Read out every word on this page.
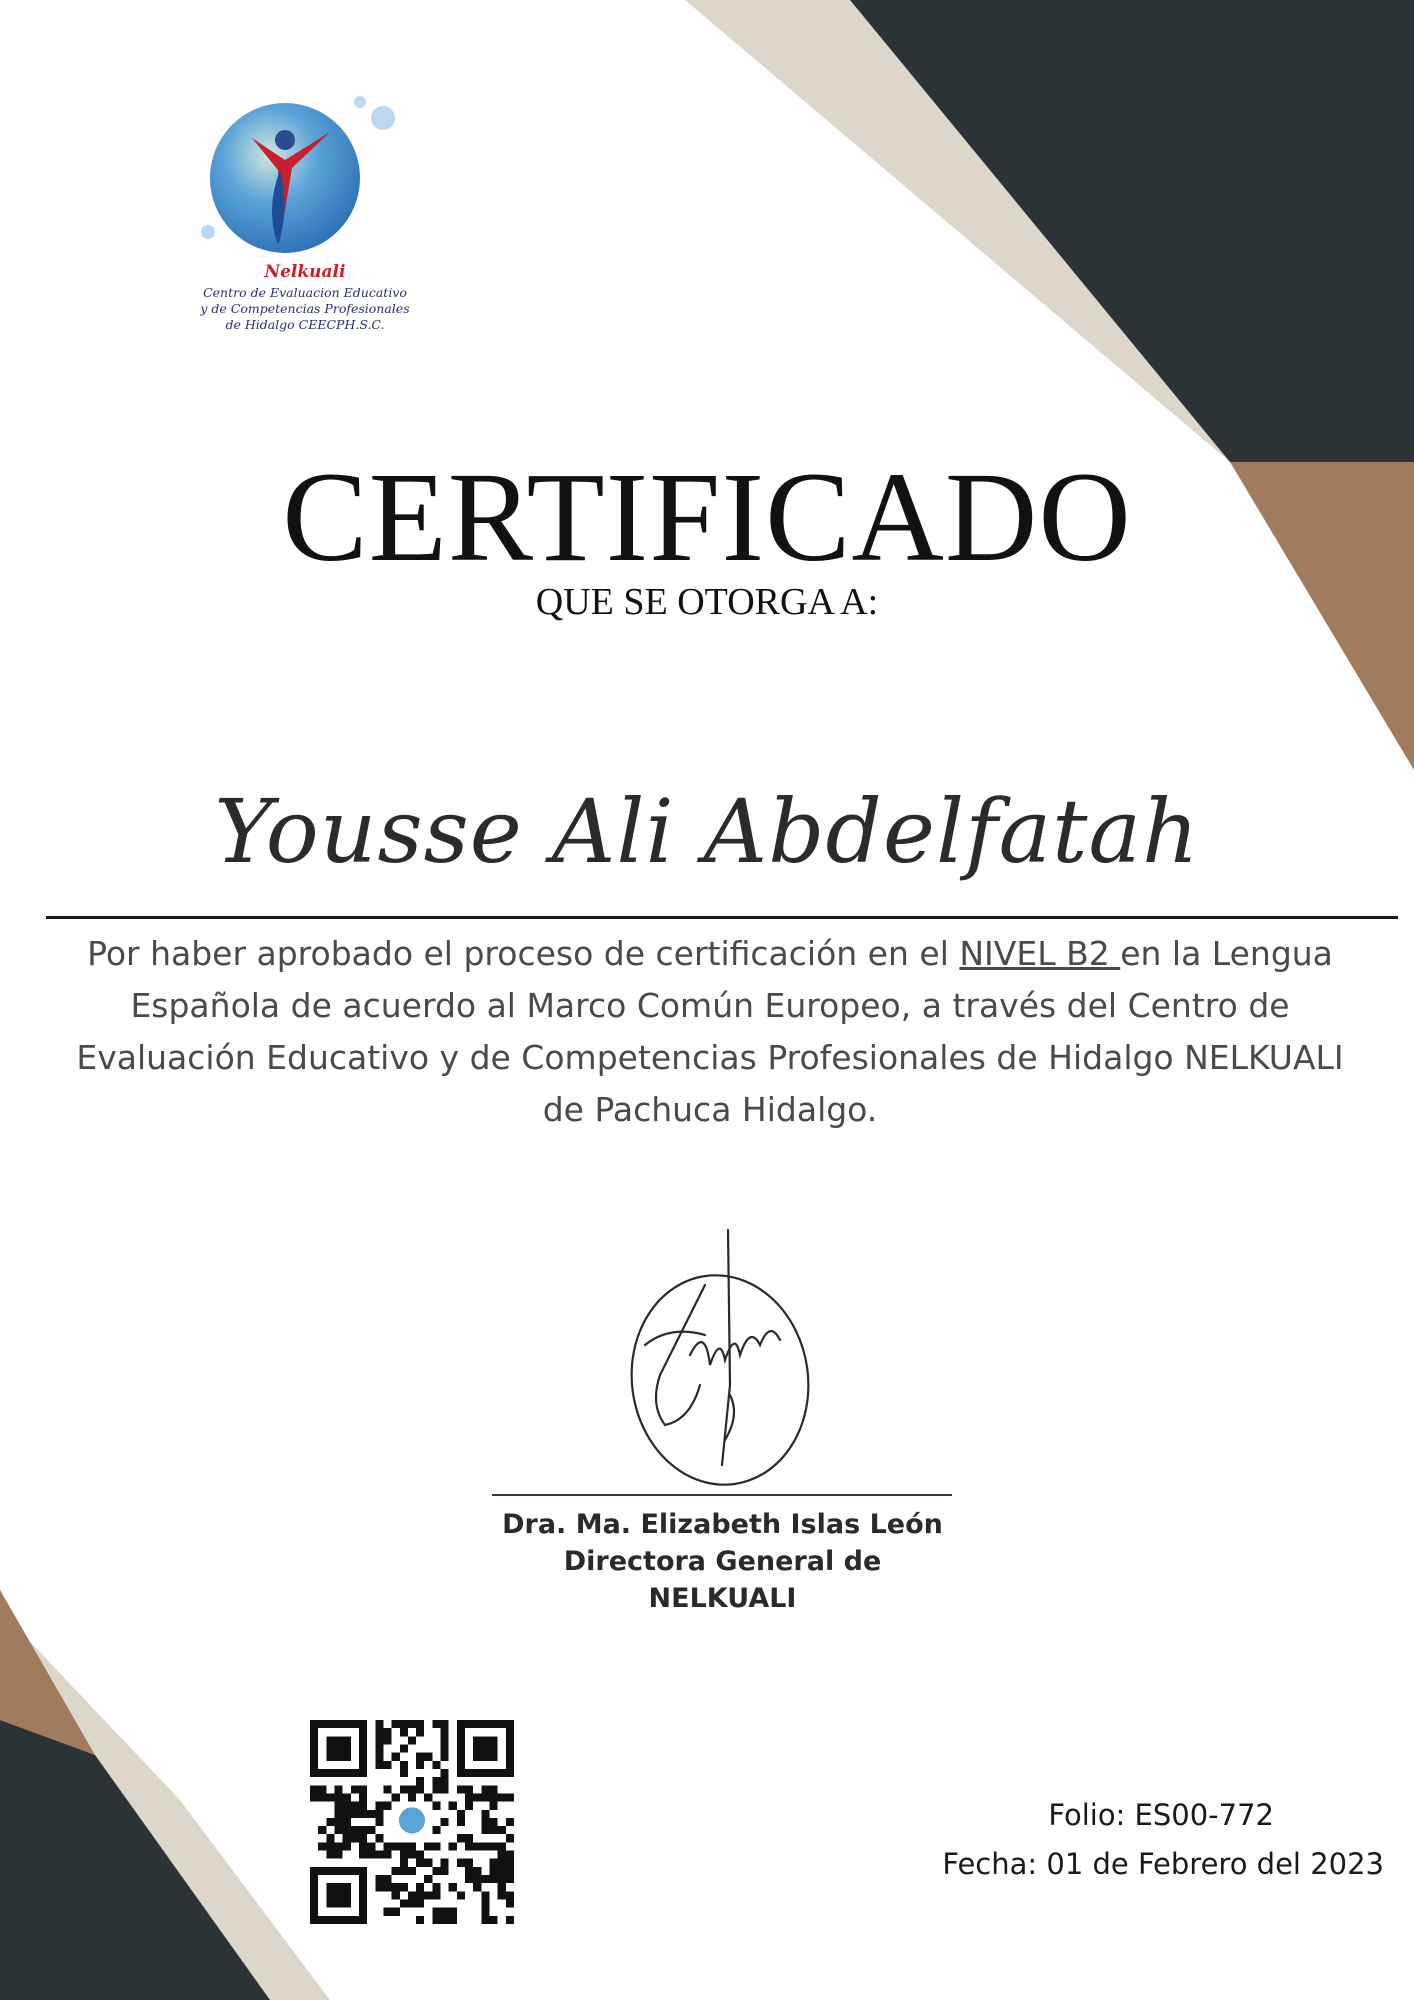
Nelkuali
Centro de Evaluacion Educativo
y de Competencias Profesionales
de Hidalgo CEECPH.S.C.
CERTIFICADO
QUE SE OTORGA A:
Yousse Ali Abdelfatah
Por haber aprobado el proceso de certificación en el NIVEL B2 en la Lengua Española de acuerdo al Marco Común Europeo, a través del Centro de Evaluación Educativo y de Competencias Profesionales de Hidalgo NELKUALI de Pachuca Hidalgo.
Dra. Ma. Elizabeth Islas León
Directora General de
NELKUALI
Folio: ES00-772
Fecha: 01 de Febrero del 2023
